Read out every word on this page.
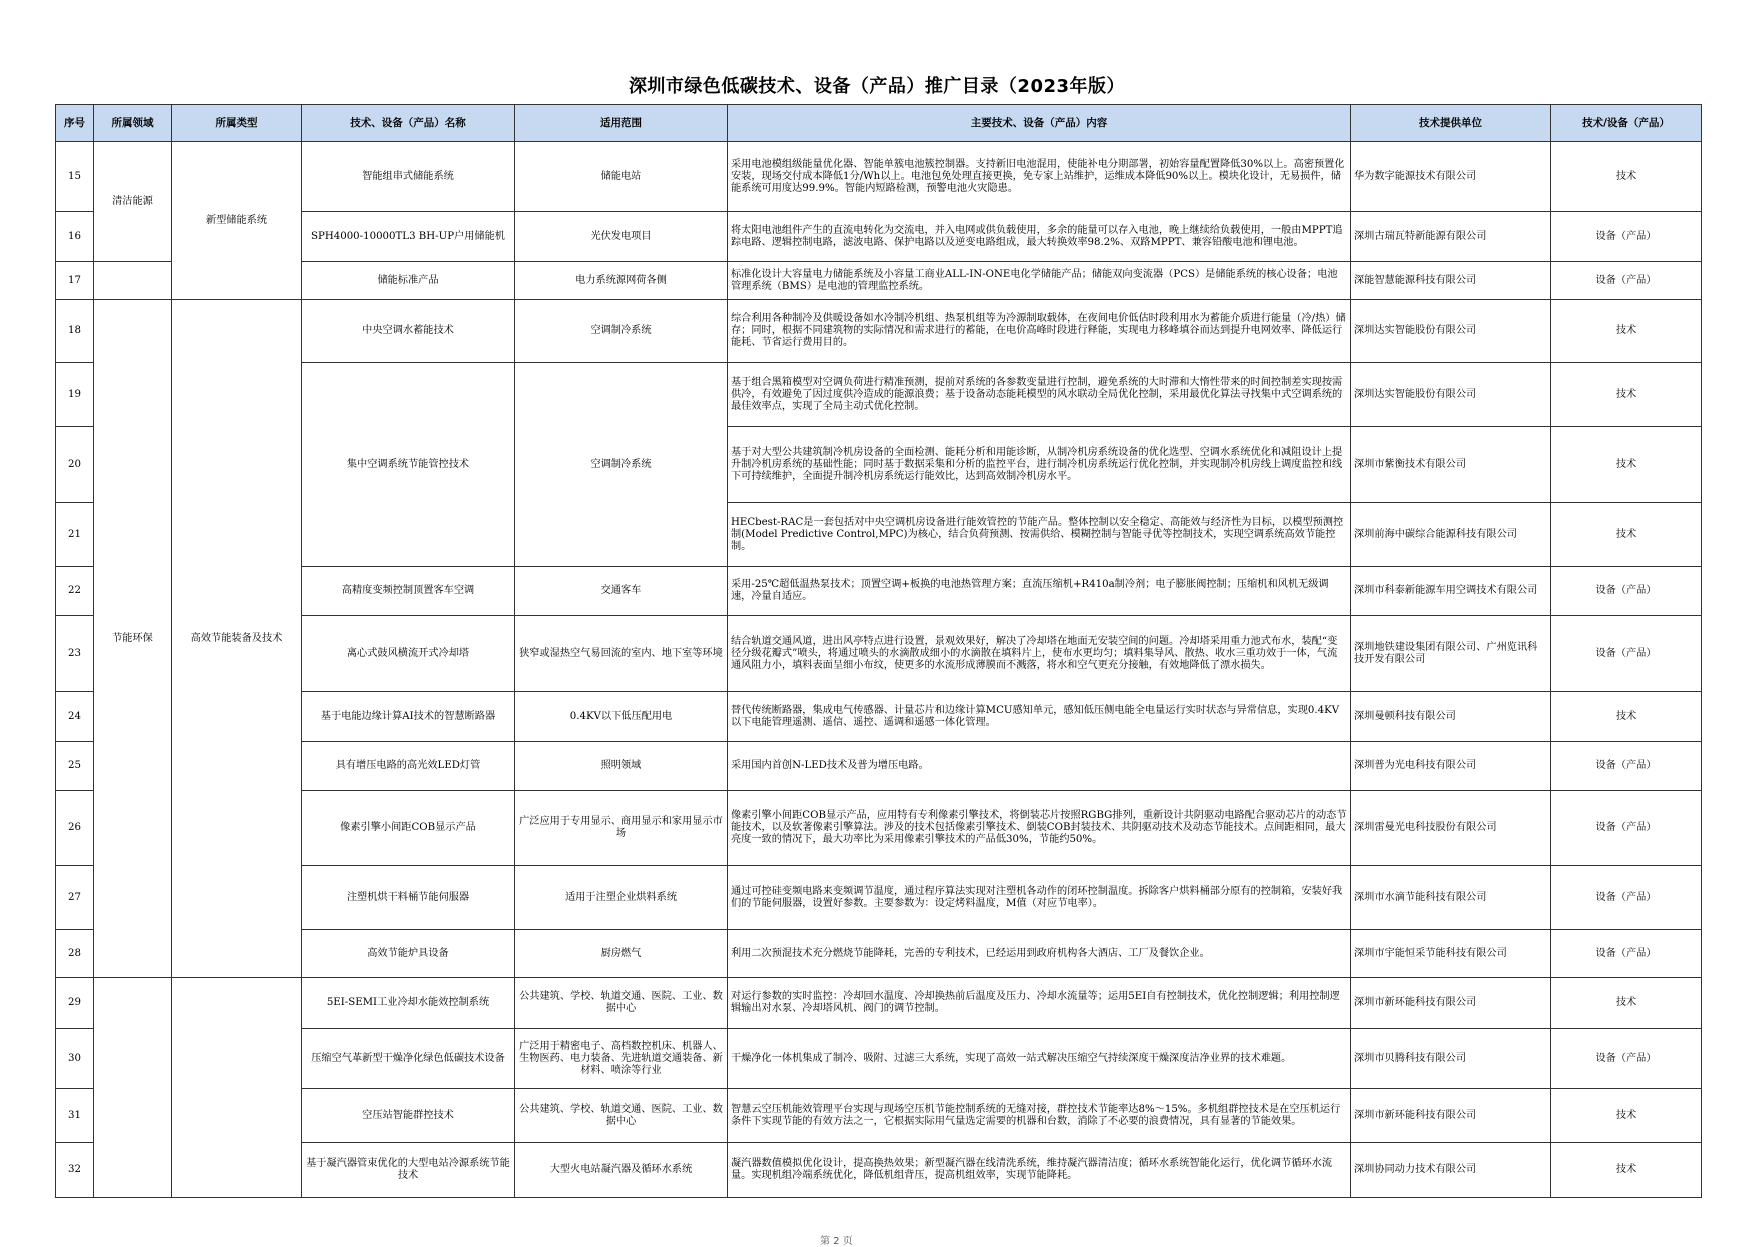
深圳市绿色低碳技术、设备（产品）推广目录（2023年版）
序号	所属领域	所属类型	技术、设备（产品）名称	适用范围	主要技术、设备（产品）内容	技术提供单位	技术/设备（产品）
15	清洁能源	新型储能系统	智能组串式储能系统	储能电站	采用电池模组级能量优化器、智能单簇电池簇控制器。支持新旧电池混用，使能补电分期部署，初始容量配置降低30%以上。高密预置化安装，现场交付成本降低1分/Wh以上。电池包免处理直接更换，免专家上站维护，运维成本降低90%以上。模块化设计，无易损件，储能系统可用度达99.9%。智能内短路检测，预警电池火灾隐患。	华为数字能源技术有限公司	技术
16			SPH4000-10000TL3 BH-UP户用储能机	光伏发电项目	将太阳电池组件产生的直流电转化为交流电，并入电网或供负载使用，多余的能量可以存入电池，晚上继续给负载使用，一般由MPPT追踪电路、逻辑控制电路，滤波电路、保护电路以及逆变电路组成，最大转换效率98.2%、双路MPPT、兼容铅酸电池和锂电池。	深圳古瑞瓦特新能源有限公司	设备（产品）
17			储能标准产品	电力系统源网荷各侧	标准化设计大容量电力储能系统及小容量工商业ALL-IN-ONE电化学储能产品；储能双向变流器（PCS）是储能系统的核心设备；电池管理系统（BMS）是电池的管理监控系统。	深能智慧能源科技有限公司	设备（产品）
18	节能环保	高效节能装备及技术	中央空调水蓄能技术	空调制冷系统	综合利用各种制冷及供暖设备如水冷制冷机组、热泵机组等为冷源制取载体，在夜间电价低估时段利用水为蓄能介质进行能量（冷/热）储存；同时，根据不同建筑物的实际情况和需求进行的蓄能，在电价高峰时段进行释能，实现电力移峰填谷而达到提升电网效率、降低运行能耗、节省运行费用目的。	深圳达实智能股份有限公司	技术
19			集中空调系统节能管控技术	空调制冷系统	基于组合黑箱模型对空调负荷进行精准预测，提前对系统的各参数变量进行控制，避免系统的大时滞和大惰性带来的时间控制差实现按需供冷，有效避免了因过度供冷造成的能源浪费；基于设备动态能耗模型的风水联动全局优化控制，采用最优化算法寻找集中式空调系统的最佳效率点，实现了全局主动式优化控制。	深圳达实智能股份有限公司	技术
20					基于对大型公共建筑制冷机房设备的全面检测、能耗分析和用能诊断，从制冷机房系统设备的优化选型、空调水系统优化和减阻设计上提升制冷机房系统的基础性能；同时基于数据采集和分析的监控平台，进行制冷机房系统运行优化控制，并实现制冷机房线上调度监控和线下可持续维护，全面提升制冷机房系统运行能效比，达到高效制冷机房水平。	深圳市紫衡技术有限公司	技术
21					HECbest-RAC是一套包括对中央空调机房设备进行能效管控的节能产品。整体控制以安全稳定、高能效与经济性为目标，以模型预测控制(Model Predictive Control,MPC)为核心，结合负荷预测、按需供给、模糊控制与智能寻优等控制技术，实现空调系统高效节能控制。	深圳前海中碳综合能源科技有限公司	技术
22			高精度变频控制顶置客车空调	交通客车	采用-25℃超低温热泵技术；顶置空调+板换的电池热管理方案；直流压缩机+R410a制冷剂；电子膨胀阀控制；压缩机和风机无级调速，冷量自适应。	深圳市科泰新能源车用空调技术有限公司	设备（产品）
23			离心式鼓风横流开式冷却塔	狭窄或湿热空气易回流的室内、地下室等环境	结合轨道交通风道，进出风亭特点进行设置，景观效果好，解决了冷却塔在地面无安装空间的问题。冷却塔采用重力池式布水，装配“变径分级花瓣式”喷头，将通过喷头的水滴散成细小的水滴散在填料片上，使布水更均匀；填料集导风、散热、收水三重功效于一体，气流通风阻力小，填料表面呈细小布纹，使更多的水流形成薄膜而不溅落，将水和空气更充分接触，有效地降低了漂水损失。	深圳地铁建设集团有限公司、广州览讯科技开发有限公司	设备（产品）
24			基于电能边缘计算AI技术的智慧断路器	0.4KV以下低压配用电	替代传统断路器，集成电气传感器、计量芯片和边缘计算MCU感知单元，感知低压侧电能全电量运行实时状态与异常信息，实现0.4KV以下电能管理遥测、遥信、遥控、遥调和遥感一体化管理。	深圳曼顿科技有限公司	技术
25			具有增压电路的高光效LED灯管	照明领域	采用国内首创N-LED技术及普为增压电路。	深圳普为光电科技有限公司	设备（产品）
26			像素引擎小间距COB显示产品	广泛应用于专用显示、商用显示和家用显示市场	像素引擎小间距COB显示产品，应用特有专利像素引擎技术，将倒装芯片按照RGBG排列，重新设计共阴驱动电路配合驱动芯片的动态节能技术，以及软著像素引擎算法。涉及的技术包括像素引擎技术、倒装COB封装技术、共阴驱动技术及动态节能技术。点间距相同，最大亮度一致的情况下，最大功率比为采用像素引擎技术的产品低30%，节能约50%。	深圳雷曼光电科技股份有限公司	设备（产品）
27			注塑机烘干料桶节能伺服器	适用于注塑企业烘料系统	通过可控硅变频电路来变频调节温度，通过程序算法实现对注塑机各动作的闭环控制温度。拆除客户烘料桶部分原有的控制箱，安装好我们的节能伺服器，设置好参数。主要参数为：设定烤料温度，M值（对应节电率）。	深圳市水滴节能科技有限公司	设备（产品）
28			高效节能炉具设备	厨房燃气	利用二次预混技术充分燃烧节能降耗，完善的专利技术，已经运用到政府机构各大酒店、工厂及餐饮企业。	深圳市宇能恒采节能科技有限公司	设备（产品）
29			5EI-SEMI工业冷却水能效控制系统	公共建筑、学校、轨道交通、医院、工业、数据中心	对运行参数的实时监控：冷却回水温度、冷却换热前后温度及压力、冷却水流量等；运用5EI自有控制技术，优化控制逻辑；利用控制逻辑输出对水泵、冷却塔风机、阀门的调节控制。	深圳市新环能科技有限公司	技术
30			压缩空气革新型干燥净化绿色低碳技术设备	广泛用于精密电子、高档数控机床、机器人、生物医药、电力装备、先进轨道交通装备、新材料、喷涂等行业	干燥净化一体机集成了制冷、吸附、过滤三大系统，实现了高效一站式解决压缩空气持续深度干燥深度洁净业界的技术难题。	深圳市贝腾科技有限公司	设备（产品）
31			空压站智能群控技术	公共建筑、学校、轨道交通、医院、工业、数据中心	智慧云空压机能效管理平台实现与现场空压机节能控制系统的无缝对接，群控技术节能率达8%～15%。多机组群控技术是在空压机运行条件下实现节能的有效方法之一，它根据实际用气量选定需要的机器和台数，消除了不必要的浪费情况，具有显著的节能效果。	深圳市新环能科技有限公司	技术
32			基于凝汽器管束优化的大型电站冷源系统节能技术	大型火电站凝汽器及循环水系统	凝汽器数值模拟优化设计，提高换热效果；新型凝汽器在线清洗系统，维持凝汽器清洁度；循环水系统智能化运行，优化调节循环水流量。实现机组冷端系统优化，降低机组背压，提高机组效率，实现节能降耗。	深圳协同动力技术有限公司	技术
第 2 页
